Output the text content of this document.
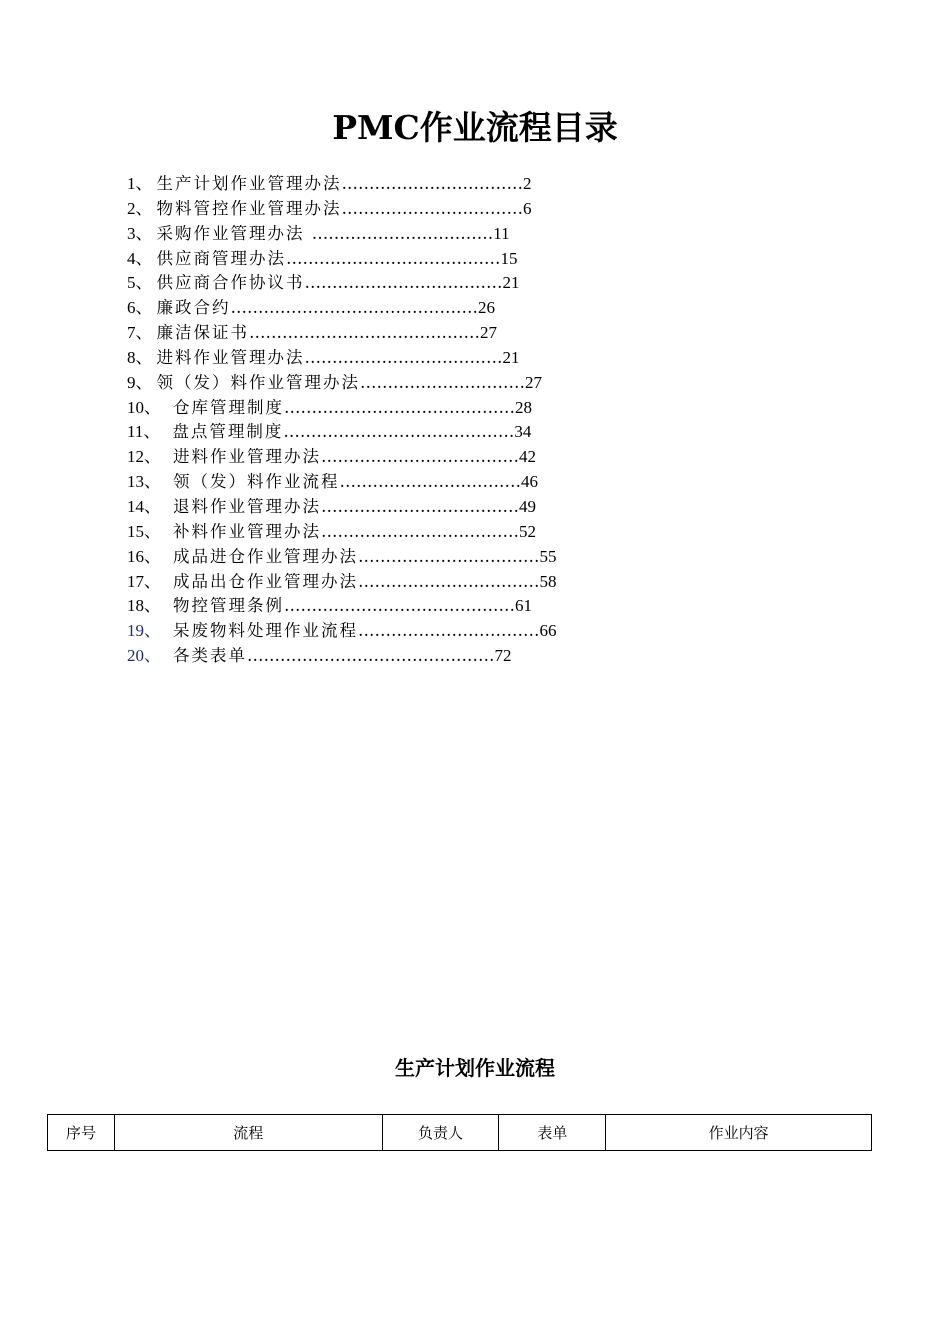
PMC作业流程目录
1、 生产计划作业管理办法……………………………2
2、 物料管控作业管理办法……………………………6
3、 采购作业管理办法 ……………………………11
4、 供应商管理办法…………………………………15
5、 供应商合作协议书………………………………21
6、 廉政合约………………………………………26
7、 廉洁保证书……………………………………27
8、 进料作业管理办法………………………………21
9、 领（发）料作业管理办法…………………………27
10、 仓库管理制度……………………………………28
11、 盘点管理制度……………………………………34
12、 进料作业管理办法………………………………42
13、 领（发）料作业流程……………………………46
14、 退料作业管理办法………………………………49
15、 补料作业管理办法………………………………52
16、 成品进仓作业管理办法……………………………55
17、 成品出仓作业管理办法……………………………58
18、 物控管理条例……………………………………61
19、 呆废物料处理作业流程……………………………66
20、 各类表单………………………………………72
生产计划作业流程
序号	流程	负责人	表单	作业内容
